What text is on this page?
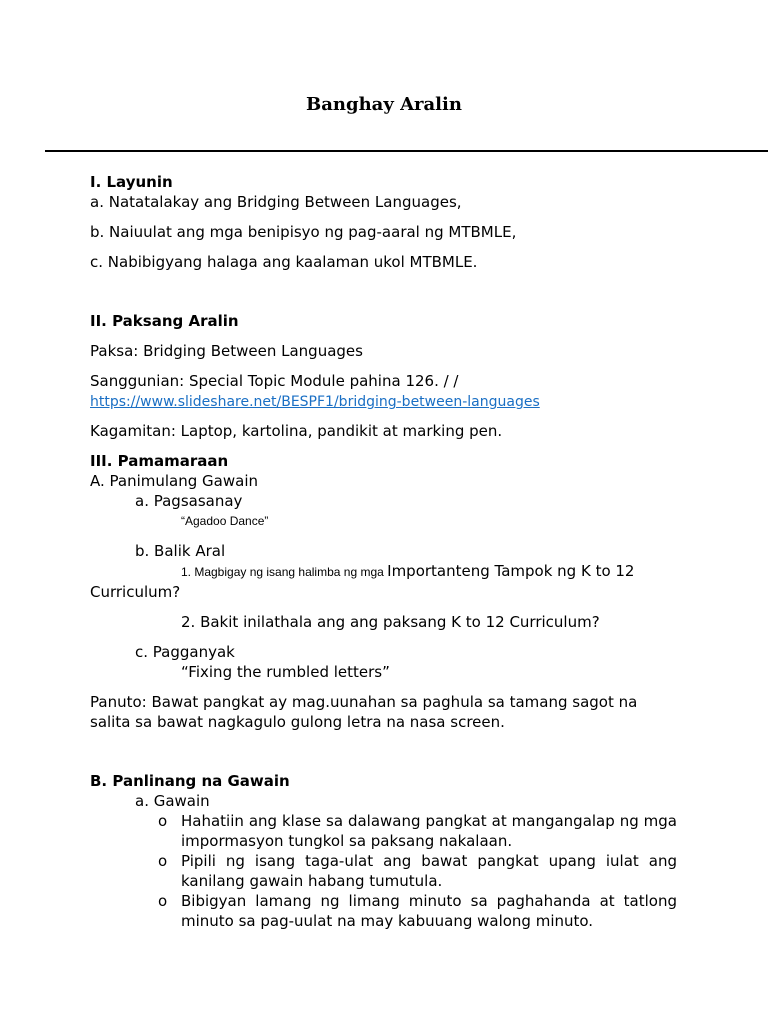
Banghay Aralin

I. Layunin

a. Natatalakay ang Bridging Between Languages,

b. Naiuulat ang mga benipisyo ng pag-aaral ng MTBMLE,

c. Nabibigyang halaga ang kaalaman ukol MTBMLE.

II. Paksang Aralin

Paksa: Bridging Between Languages

Sanggunian: Special Topic Module pahina 126. / /

https://www.slideshare.net/BESPF1/bridging-between-languages

Kagamitan: Laptop, kartolina, pandikit at marking pen.

III. Pamamaraan

A. Panimulang Gawain

a. Pagsasanay

“Agadoo Dance”

b. Balik Aral

1. Magbigay ng isang halimba ng mga Importanteng Tampok ng K to 12

Curriculum?

2. Bakit inilathala ang ang paksang K to 12 Curriculum?

c. Pagganyak

“Fixing the rumbled letters”

Panuto: Bawat pangkat ay mag.uunahan sa paghula sa tamang sagot na salita sa bawat nagkagulo gulong letra na nasa screen.

B. Panlinang na Gawain

a. Gawain

o Hahatiin ang klase sa dalawang pangkat at mangangalap ng mga impormasyon tungkol sa paksang nakalaan.
o Pipili ng isang taga-ulat ang bawat pangkat upang iulat ang kanilang gawain habang tumutula.
o Bibigyan lamang ng limang minuto sa paghahanda at tatlong minuto sa pag-uulat na may kabuuang walong minuto.
